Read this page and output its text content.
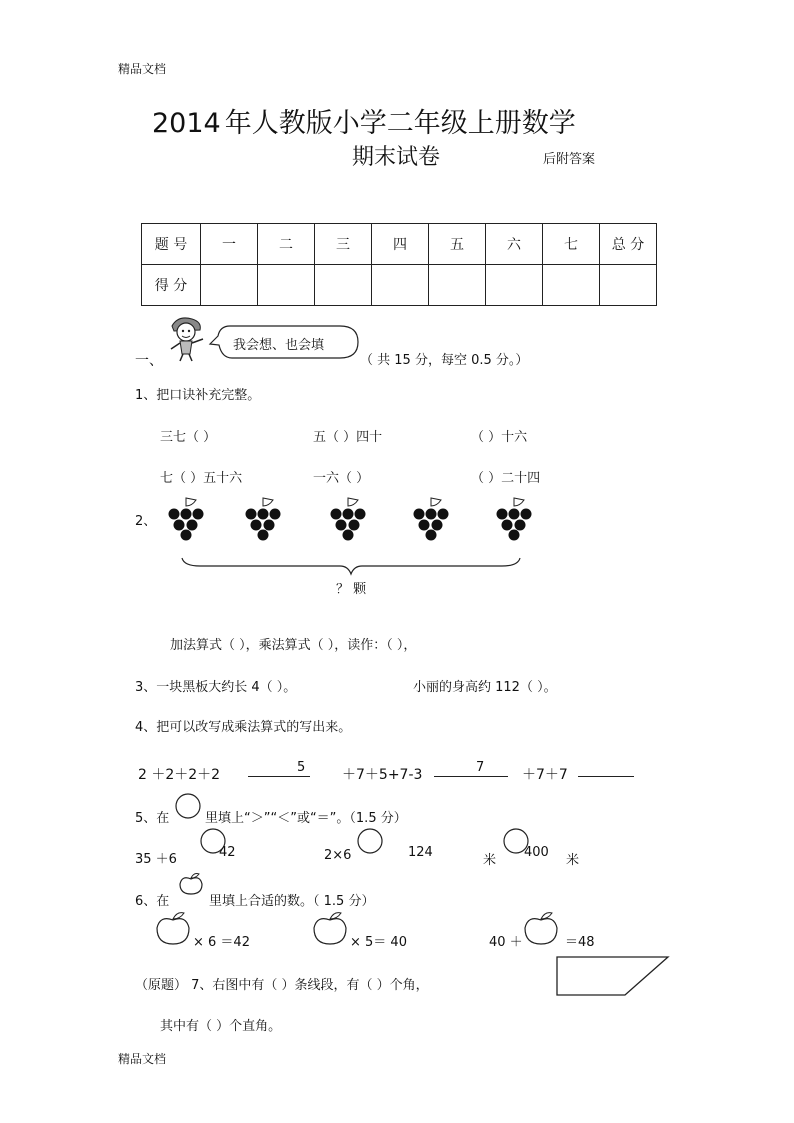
精品文档
2014 年人教版小学二年级上册数学
期末试卷	后附答案
题 号	一	二	三	四	五	六	七	总 分
得 分								
一、
我会想、也会填
（ 共 15 分，每空 0.5 分。）
1、把口诀补充完整。
三七（ ）	五（ ）四十	（ ）十六
七（ ）五十六	一六（ ）	（ ）二十四
2、
？ 颗
加法算式（ ），乘法算式（ ），读作：（ ），
3、一块黑板大约长 4（ ）。	小丽的身高约 112（ ）。
4、把可以改写成乘法算式的写出来。
2 ＋2＋2＋2	5	＋7＋5+7-3	7	＋7＋7
5、在	里填上“＞”“＜”或“＝”。（1.5 分）
35 ＋6	42	2×6	124
米
400
米
6、在	里填上合适的数。（ 1.5 分）
× 6 ＝42	× 5＝ 40	40 ＋	＝48
（原题） 7、右图中有（ ）条线段，有（ ）个角，
其中有（ ）个直角。
精品文档
